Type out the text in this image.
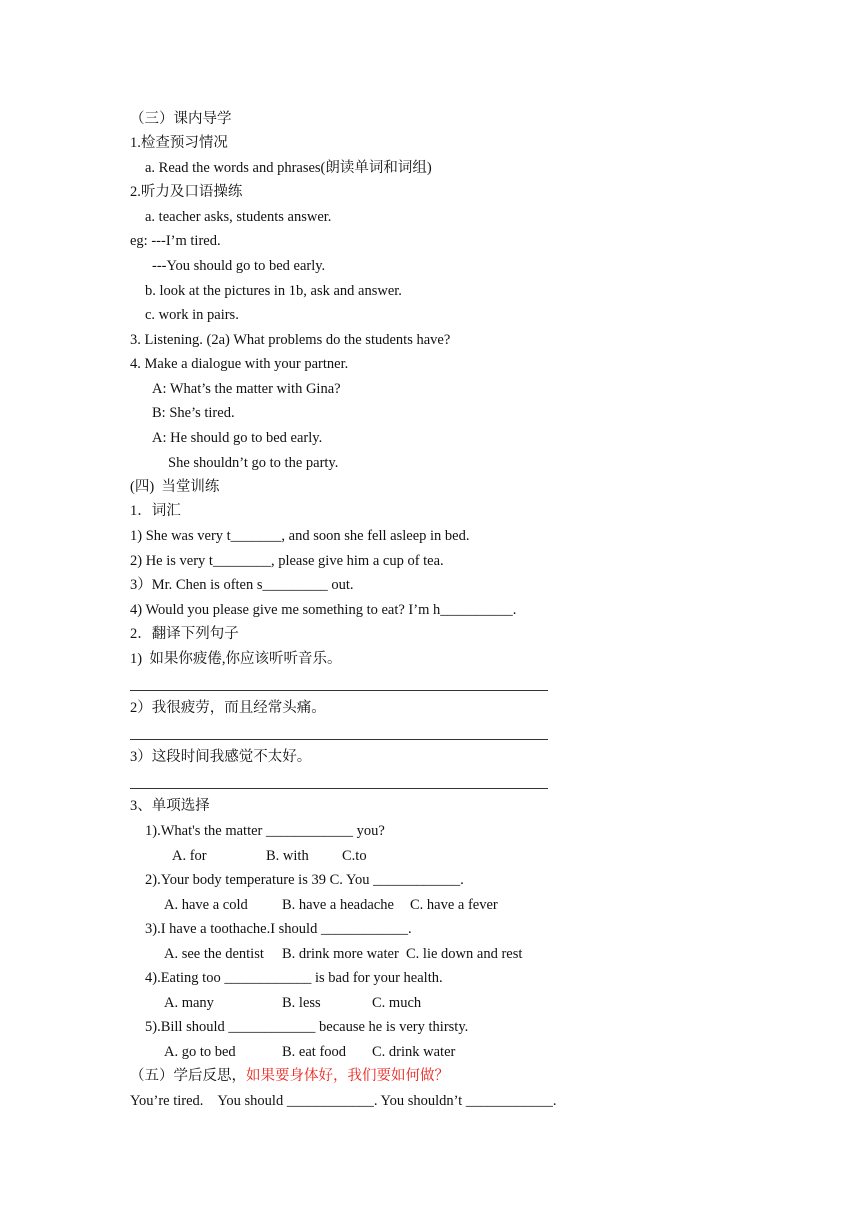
（三）课内导学
1.检查预习情况
a. Read the words and phrases(朗读单词和词组)
2.听力及口语操练
a. teacher asks, students answer.
eg: ---I’m tired.
---You should go to bed early.
b. look at the pictures in 1b, ask and answer.
c. work in pairs.
3. Listening. (2a) What problems do the students have?
4. Make a dialogue with your partner.
A: What’s the matter with Gina?
B: She’s tired.
A: He should go to bed early.
She shouldn’t go to the party.
(四)  当堂训练
1．词汇
1) She was very t_______, and soon she fell asleep in bed.
2) He is very t________, please give him a cup of tea.
3）Mr. Chen is often s_________ out.
4) Would you please give me something to eat? I’m h__________.
2．翻译下列句子
1)  如果你疲倦,你应该听听音乐。
2）我很疲劳，而且经常头痛。
3）这段时间我感觉不太好。
3、单项选择
1).What's the matter ____________ you?
A. for	B. with C.to
2).Your body temperature is 39 C. You ____________.
A. have a cold B. have a headache C. have a fever
3).I have a toothache.I should ____________.
A. see the dentist B. drink more water C. lie down and rest
4).Eating too ____________ is bad for your health.
A. many	B. less	C. much
5).Bill should ____________ because he is very thirsty.
A. go to bed	B. eat food C. drink water
（五）学后反思，如果要身体好，我们要如何做？
You’re tired.    You should ____________. You shouldn’t ____________.
